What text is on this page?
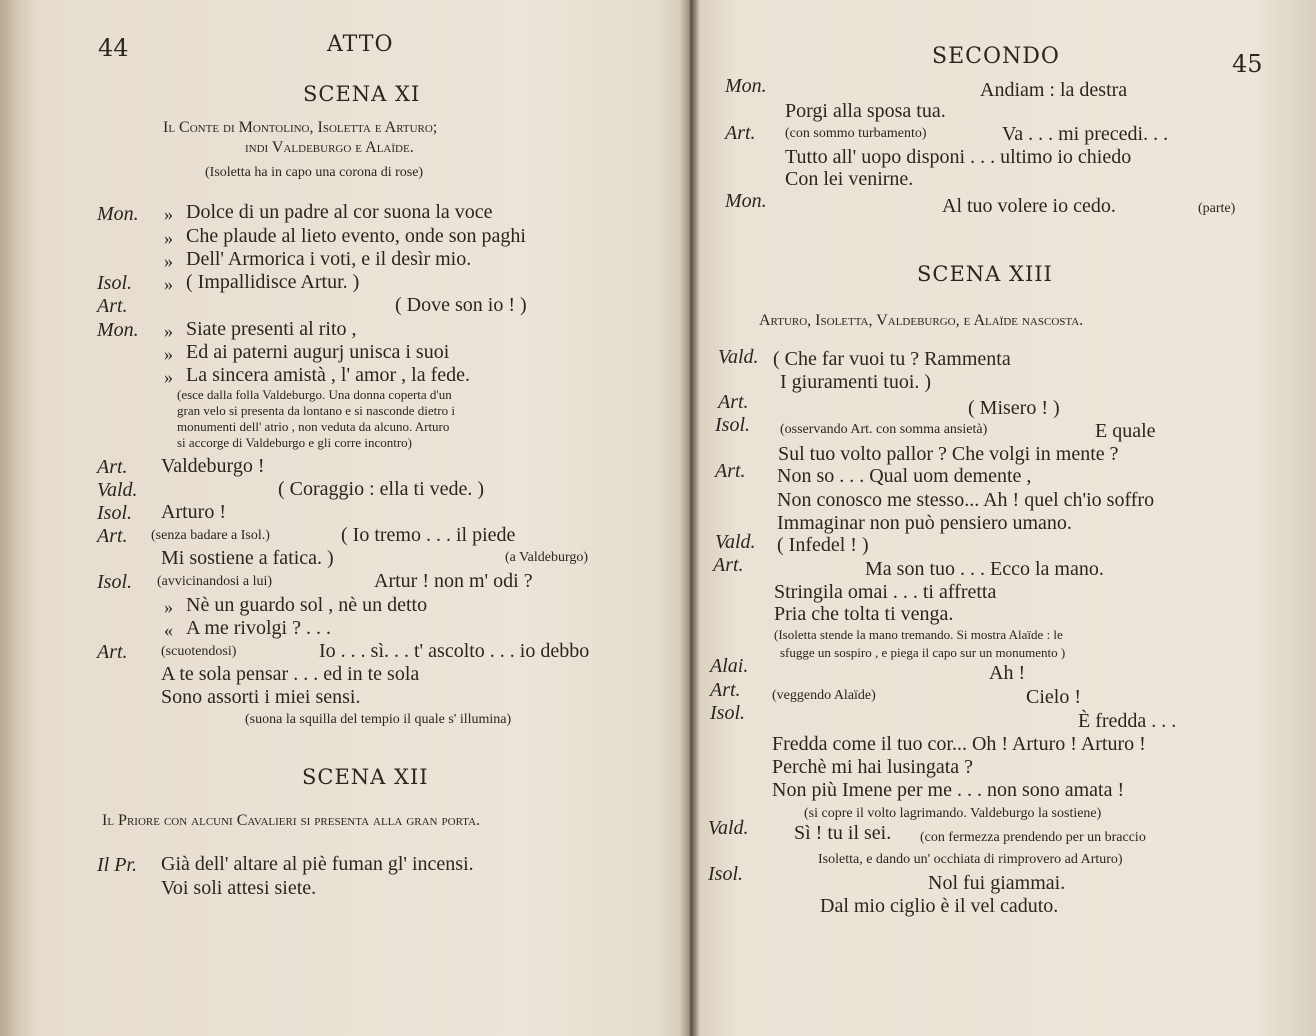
44	ATTO
SCENA XI
Il Conte di Montolino, Isoletta e Arturo;
indi Valdeburgo e Alaïde.
(Isoletta ha in capo una corona di rose)
Mon. » Dolce di un padre al cor suona la voce
» Che plaude al lieto evento, onde son paghi
» Dell' Armorica i voti, e il desìr mio.
Isol. » ( Impallidisce Artur. )
Art.	( Dove son io ! )
Mon. » Siate presenti al rito ,
» Ed ai paterni augurj unisca i suoi
» La sincera amistà , l' amor , la fede.
(esce dalla folla Valdeburgo. Una donna coperta d'un
gran velo si presenta da lontano e si nasconde dietro i
monumenti dell' atrio , non veduta da alcuno. Arturo
si accorge di Valdeburgo e gli corre incontro)
Art. Valdeburgo !
Vald.	( Coraggio : ella ti vede. )
Isol. Arturo !
Art. (senza badare a Isol.)	( Io tremo . . . il piede
Mi sostiene a fatica. )	(a Valdeburgo)
Isol. (avvicinandosi a lui)	Artur ! non m' odi ?
» Nè un guardo sol , nè un detto
« A me rivolgi ? . . .
Art. (scuotendosi)	Io . . . sì. . . t' ascolto . . . io debbo
A te sola pensar . . . ed in te sola
Sono assorti i miei sensi.
(suona la squilla del tempio il quale s' illumina)
SCENA XII
Il Priore con alcuni Cavalieri si presenta alla gran porta.
Il Pr. Già dell' altare al piè fuman gl' incensi.
Voi soli attesi siete.
SECONDO	45
Mon.	Andiam : la destra
Porgi alla sposa tua.
Art. (con sommo turbamento)	Va . . . mi precedi. . .
Tutto all' uopo disponi . . . ultimo io chiedo
Con lei venirne.
Mon.	Al tuo volere io cedo.	(parte)
SCENA XIII
Arturo, Isoletta, Valdeburgo, e Alaïde nascosta.
Vald. ( Che far vuoi tu ? Rammenta
I giuramenti tuoi. )
Art.	( Misero ! )
Isol. (osservando Art. con somma ansietà)	E quale
Sul tuo volto pallor ? Che volgi in mente ?
Art. Non so . . . Qual uom demente ,
Non conosco me stesso... Ah ! quel ch'io soffro
Immaginar non può pensiero umano.
Vald. ( Infedel ! )
Art.	Ma son tuo . . . Ecco la mano.
Stringila omai . . . ti affretta
Pria che tolta ti venga.
(Isoletta stende la mano tremando. Si mostra Alaïde : le
sfugge un sospiro , e piega il capo sur un monumento )
Alai.	Ah !
Art. (veggendo Alaïde)	Cielo !
Isol.	È fredda . . .
Fredda come il tuo cor... Oh ! Arturo ! Arturo !
Perchè mi hai lusingata ?
Non più Imene per me . . . non sono amata !
(si copre il volto lagrimando. Valdeburgo la sostiene)
Vald. Sì ! tu il sei. (con fermezza prendendo per un braccio
Isoletta, e dando un' occhiata di rimprovero ad Arturo)
Isol.	Nol fui giammai.
Dal mio ciglio è il vel caduto.
